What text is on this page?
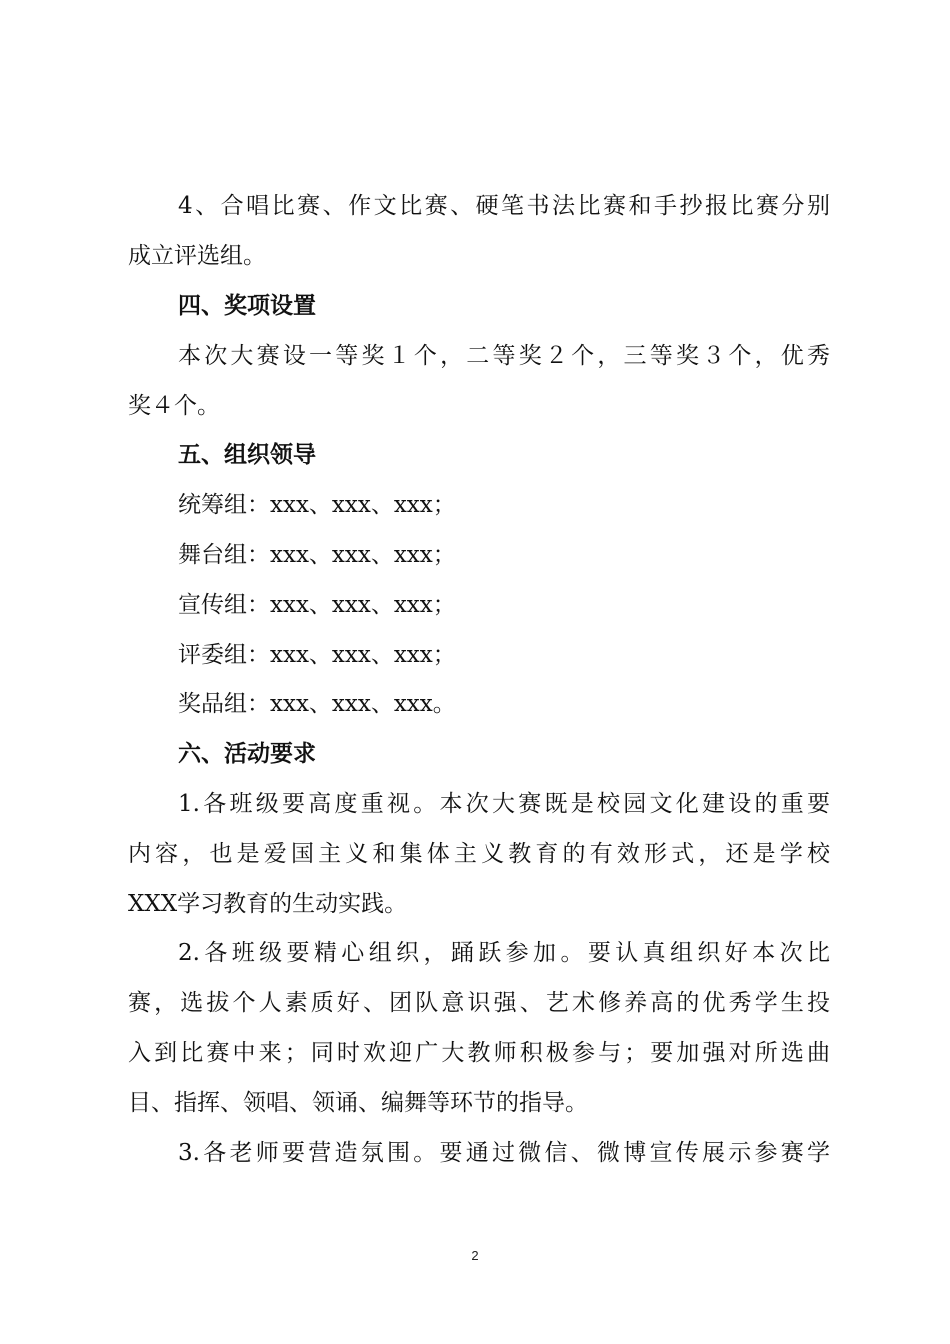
4、合唱比赛、作文比赛、硬笔书法比赛和手抄报比赛分别
成立评选组。
四、奖项设置
本次大赛设一等奖１个，二等奖２个，三等奖３个，优秀
奖４个。
五、组织领导
统筹组：xxx、xxx、xxx；
舞台组：xxx、xxx、xxx；
宣传组：xxx、xxx、xxx；
评委组：xxx、xxx、xxx；
奖品组：xxx、xxx、xxx。
六、活动要求
1.各班级要高度重视。本次大赛既是校园文化建设的重要
内容，也是爱国主义和集体主义教育的有效形式，还是学校
XXX学习教育的生动实践。
2.各班级要精心组织，踊跃参加。要认真组织好本次比
赛，选拔个人素质好、团队意识强、艺术修养高的优秀学生投
入到比赛中来；同时欢迎广大教师积极参与；要加强对所选曲
目、指挥、领唱、领诵、编舞等环节的指导。
3.各老师要营造氛围。要通过微信、微博宣传展示参赛学
2
